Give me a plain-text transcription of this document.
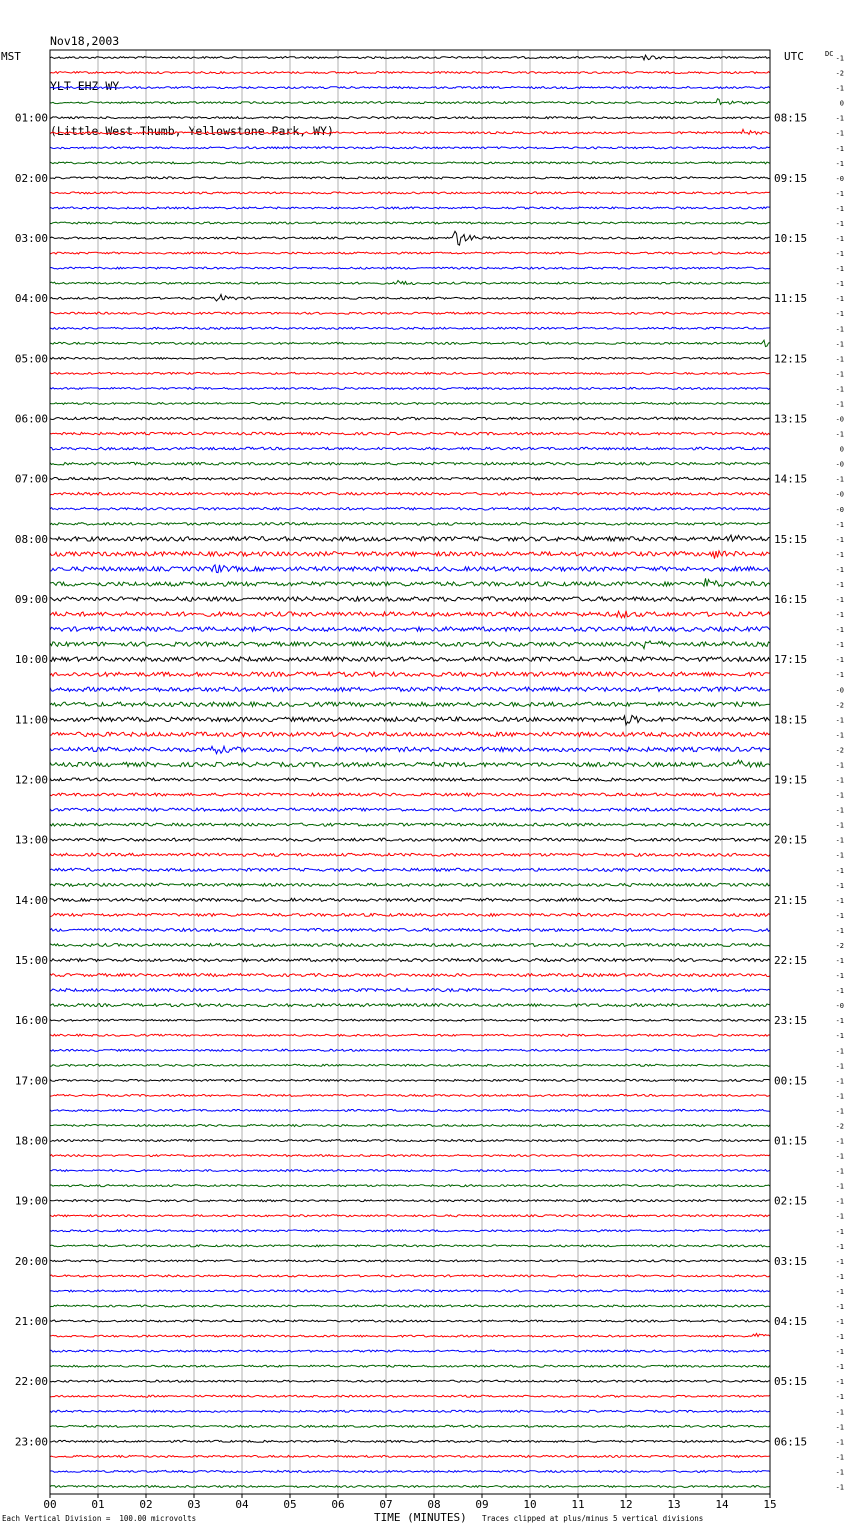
Nov18,2003

YLT EHZ WY

(Little West Thumb, Yellowstone Park, WY)

MST	UTC	DC
01:00
02:00
03:00
04:00
05:00
06:00
07:00
08:00
09:00
10:00
11:00
12:00
13:00
14:00
15:00
16:00
17:00
18:00
19:00
20:00
21:00
22:00
23:00
08:15
09:15
10:15
11:15
12:15
13:15
14:15
15:15
16:15
17:15
18:15
19:15
20:15
21:15
22:15
23:15
00:15
01:15
02:15
03:15
04:15
05:15
06:15
-1
-2
-1
0
-1
-1
-1
-1
-0
-1
-1
-1
-1
-1
-1
-1
-1
-1
-1
-1
-1
-1
-1
-1
-0
-1
0
-0
-1
-0
-0
-1
-1
-1
-1
-1
-1
-1
-1
-1
-1
-1
-0
-2
-1
-1
-2
-1
-1
-1
-1
-1
-1
-1
-1
-1
-1
-1
-1
-2
-1
-1
-1
-0
-1
-1
-1
-1
-1
-1
-1
-2
-1
-1
-1
-1
-1
-1
-1
-1
-1
-1
-1
-1
-1
-1
-1
-1
-1
-1
-1
-1
-1
-1
-1
-1
00	01	02	03	04	05	06	07	08	09	10	11	12	13	14	15
Each Vertical Division =  100.00 microvolts	TIME (MINUTES) Traces clipped at plus/minus 5 vertical divisions
